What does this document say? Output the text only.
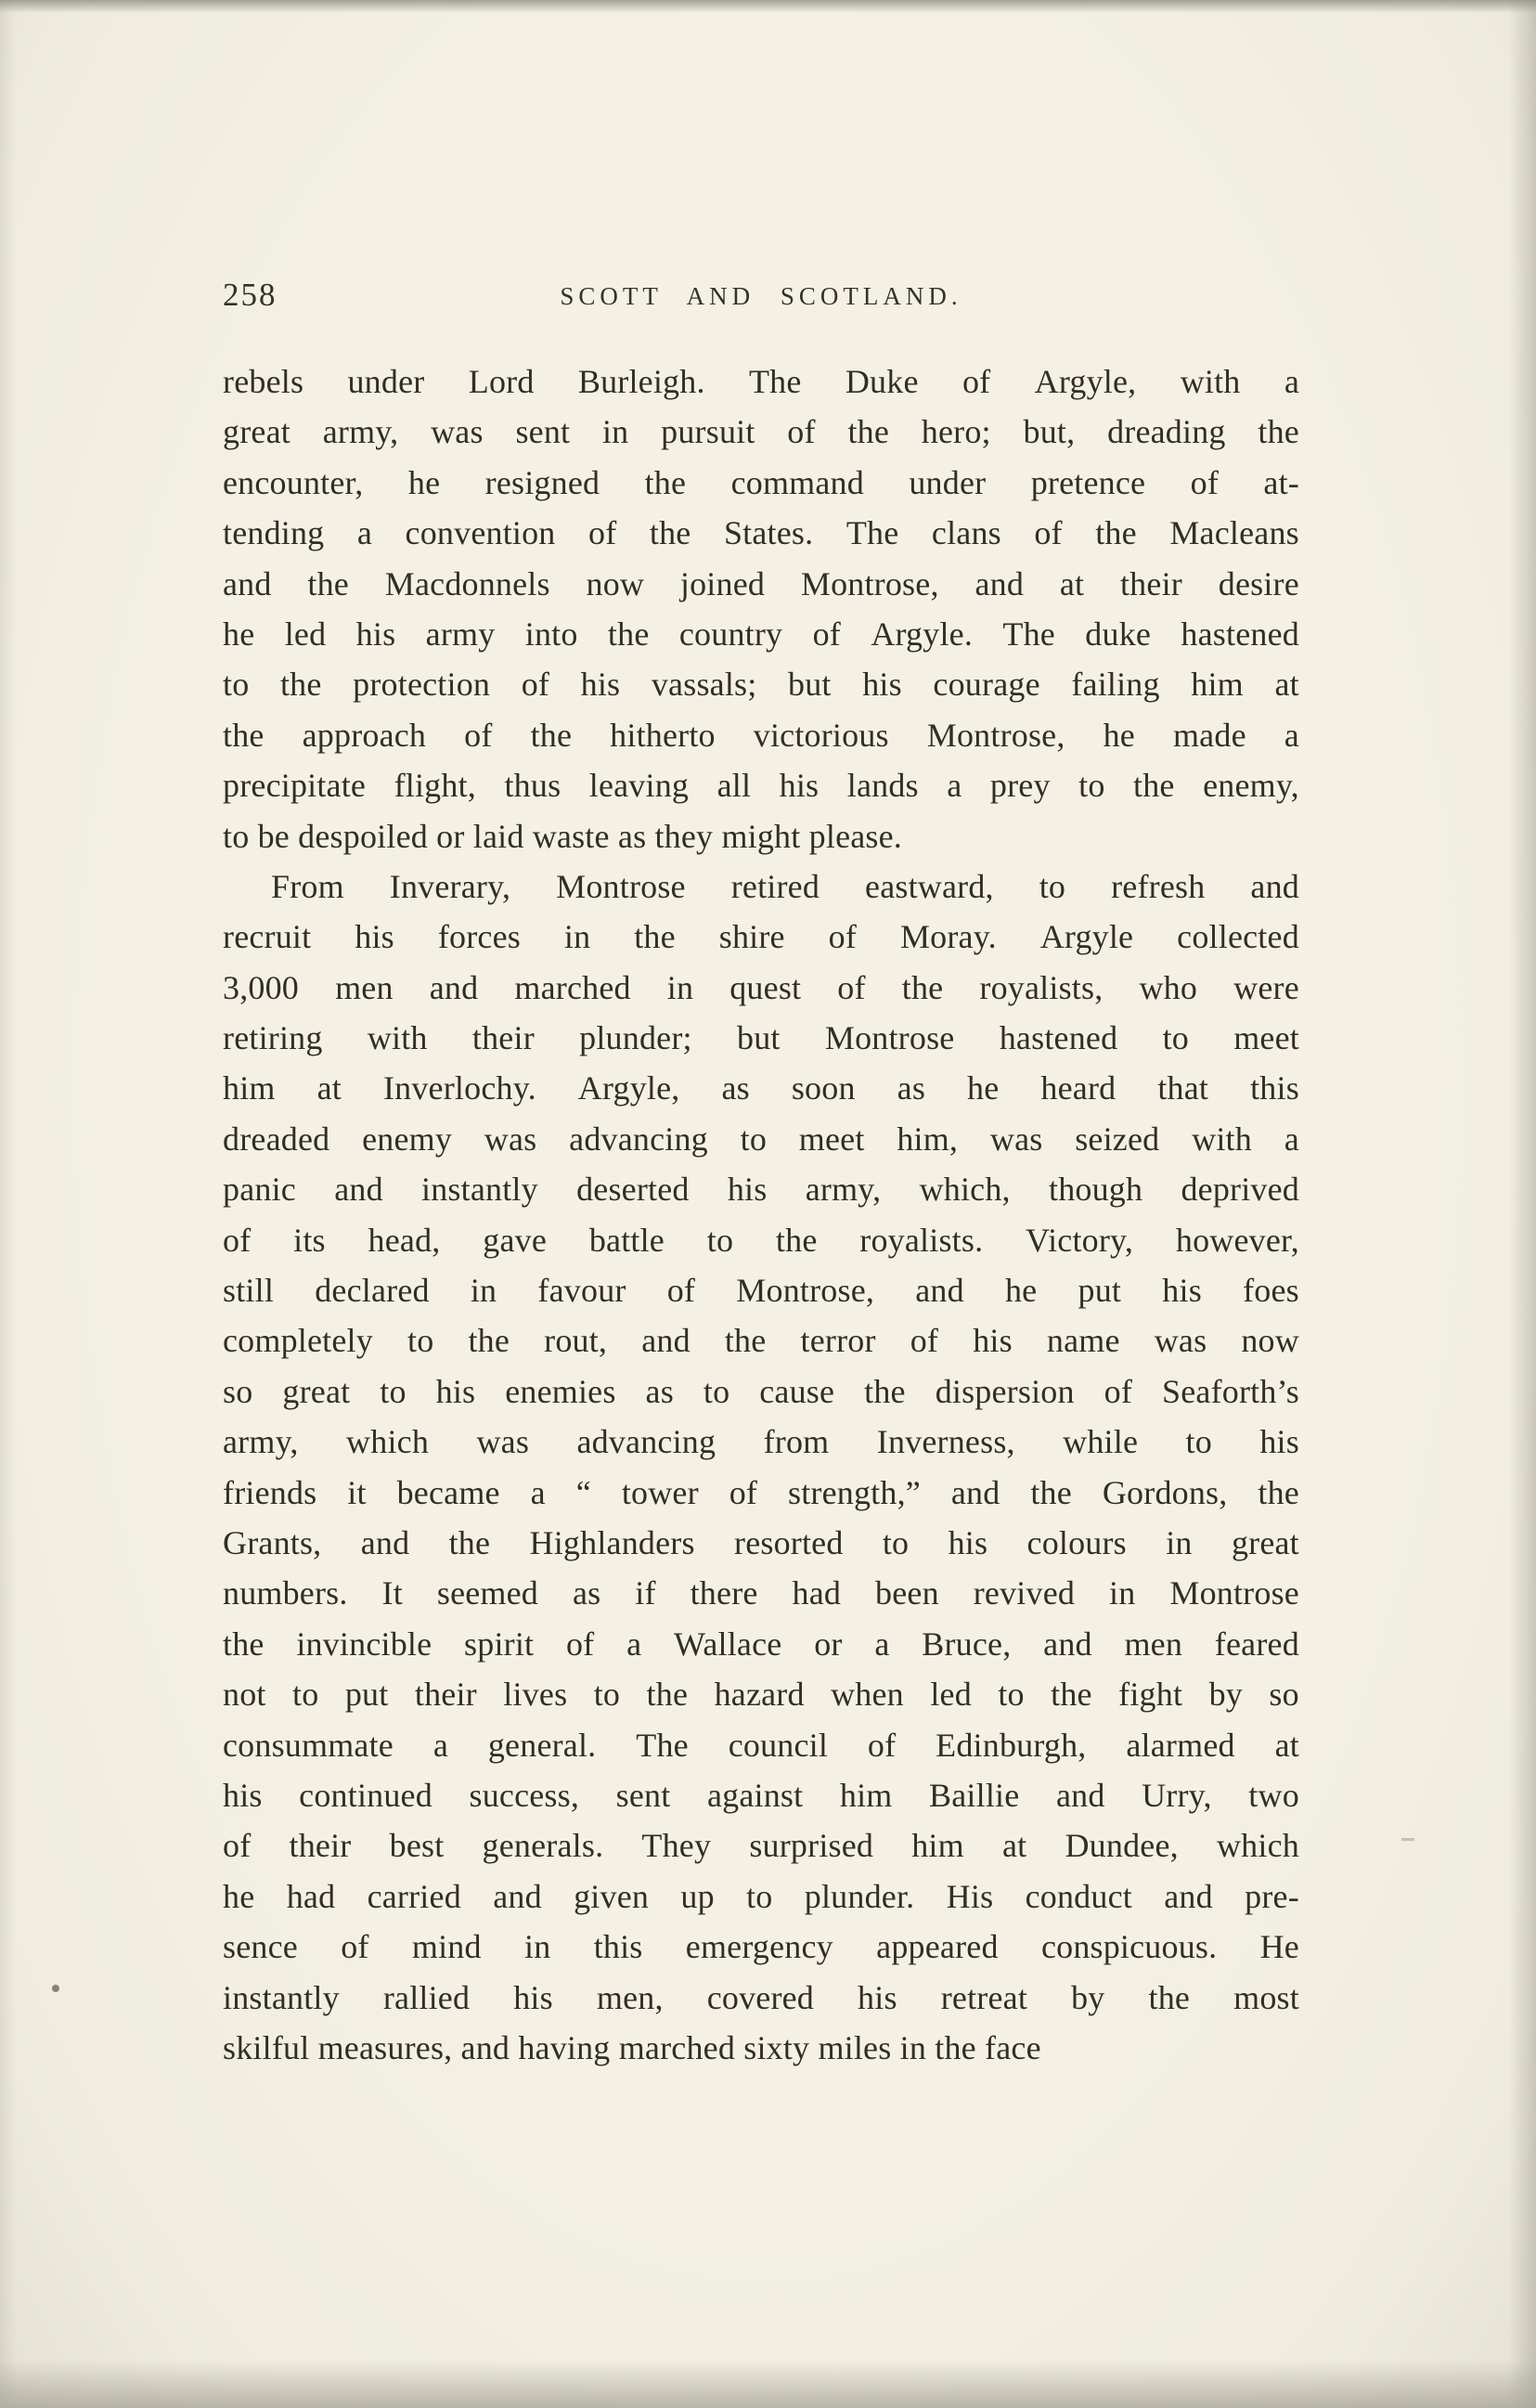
258	SCOTT AND SCOTLAND.
rebels under Lord Burleigh. The Duke of Argyle, with a
great army, was sent in pursuit of the hero; but, dreading the
encounter, he resigned the command under pretence of at-
tending a convention of the States. The clans of the Macleans
and the Macdonnels now joined Montrose, and at their desire
he led his army into the country of Argyle. The duke hastened
to the protection of his vassals; but his courage failing him at
the approach of the hitherto victorious Montrose, he made a
precipitate flight, thus leaving all his lands a prey to the enemy,
to be despoiled or laid waste as they might please.
From Inverary, Montrose retired eastward, to refresh and
recruit his forces in the shire of Moray. Argyle collected
3,000 men and marched in quest of the royalists, who were
retiring with their plunder; but Montrose hastened to meet
him at Inverlochy. Argyle, as soon as he heard that this
dreaded enemy was advancing to meet him, was seized with a
panic and instantly deserted his army, which, though deprived
of its head, gave battle to the royalists. Victory, however,
still declared in favour of Montrose, and he put his foes
completely to the rout, and the terror of his name was now
so great to his enemies as to cause the dispersion of Seaforth’s
army, which was advancing from Inverness, while to his
friends it became a “ tower of strength,” and the Gordons, the
Grants, and the Highlanders resorted to his colours in great
numbers. It seemed as if there had been revived in Montrose
the invincible spirit of a Wallace or a Bruce, and men feared
not to put their lives to the hazard when led to the fight by so
consummate a general. The council of Edinburgh, alarmed at
his continued success, sent against him Baillie and Urry, two
of their best generals. They surprised him at Dundee, which
he had carried and given up to plunder. His conduct and pre-
sence of mind in this emergency appeared conspicuous. He
instantly rallied his men, covered his retreat by the most
skilful measures, and having marched sixty miles in the face
